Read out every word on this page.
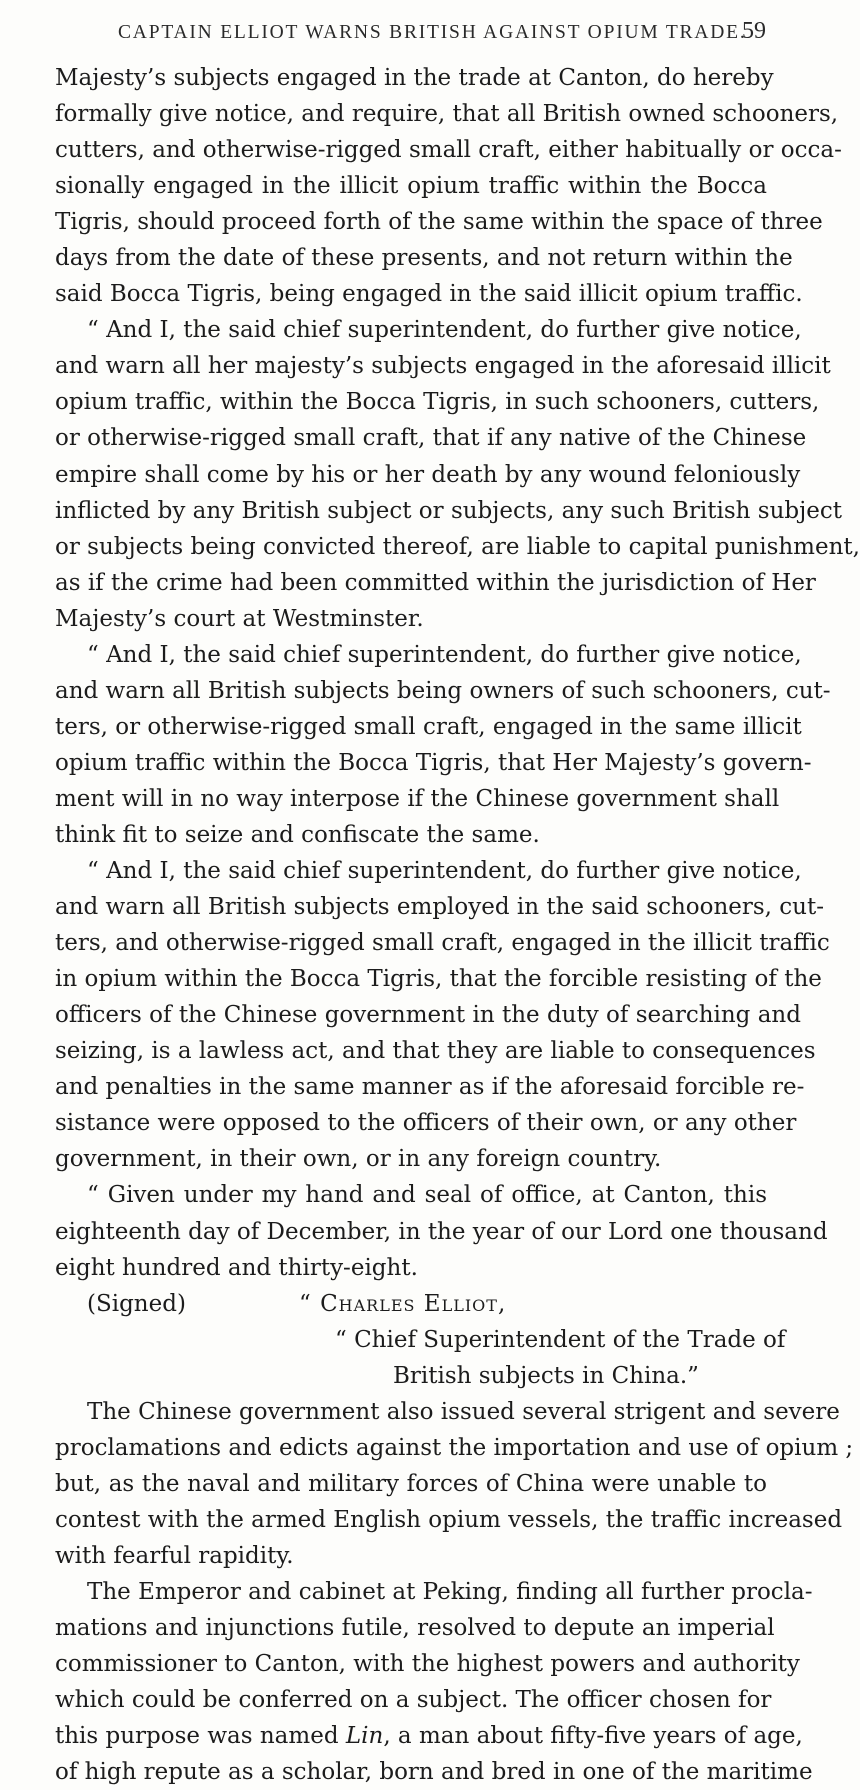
CAPTAIN ELLIOT WARNS BRITISH AGAINST OPIUM TRADE.
59
Majesty’s subjects engaged in the trade at Canton, do hereby
formally give notice, and require, that all British owned schooners,
cutters, and otherwise-rigged small craft, either habitually or occa-
sionally engaged in the illicit opium traffic within the Bocca
Tigris, should proceed forth of the same within the space of three
days from the date of these presents, and not return within the
said Bocca Tigris, being engaged in the said illicit opium traffic.
“ And I, the said chief superintendent, do further give notice,
and warn all her majesty’s subjects engaged in the aforesaid illicit
opium traffic, within the Bocca Tigris, in such schooners, cutters,
or otherwise-rigged small craft, that if any native of the Chinese
empire shall come by his or her death by any wound feloniously
inflicted by any British subject or subjects, any such British subject
or subjects being convicted thereof, are liable to capital punishment,
as if the crime had been committed within the jurisdiction of Her
Majesty’s court at Westminster.
“ And I, the said chief superintendent, do further give notice,
and warn all British subjects being owners of such schooners, cut-
ters, or otherwise-rigged small craft, engaged in the same illicit
opium traffic within the Bocca Tigris, that Her Majesty’s govern-
ment will in no way interpose if the Chinese government shall
think fit to seize and confiscate the same.
“ And I, the said chief superintendent, do further give notice,
and warn all British subjects employed in the said schooners, cut-
ters, and otherwise-rigged small craft, engaged in the illicit traffic
in opium within the Bocca Tigris, that the forcible resisting of the
officers of the Chinese government in the duty of searching and
seizing, is a lawless act, and that they are liable to consequences
and penalties in the same manner as if the aforesaid forcible re-
sistance were opposed to the officers of their own, or any other
government, in their own, or in any foreign country.
“ Given under my hand and seal of office, at Canton, this
eighteenth day of December, in the year of our Lord one thousand
eight hundred and thirty-eight.
(Signed)	“ Charles Elliot,
“ Chief Superintendent of the Trade of
British subjects in China.”
The Chinese government also issued several strigent and severe
proclamations and edicts against the importation and use of opium ;
but, as the naval and military forces of China were unable to
contest with the armed English opium vessels, the traffic increased
with fearful rapidity.
The Emperor and cabinet at Peking, finding all further procla-
mations and injunctions futile, resolved to depute an imperial
commissioner to Canton, with the highest powers and authority
which could be conferred on a subject. The officer chosen for
this purpose was named Lin, a man about fifty-five years of age,
of high repute as a scholar, born and bred in one of the maritime
